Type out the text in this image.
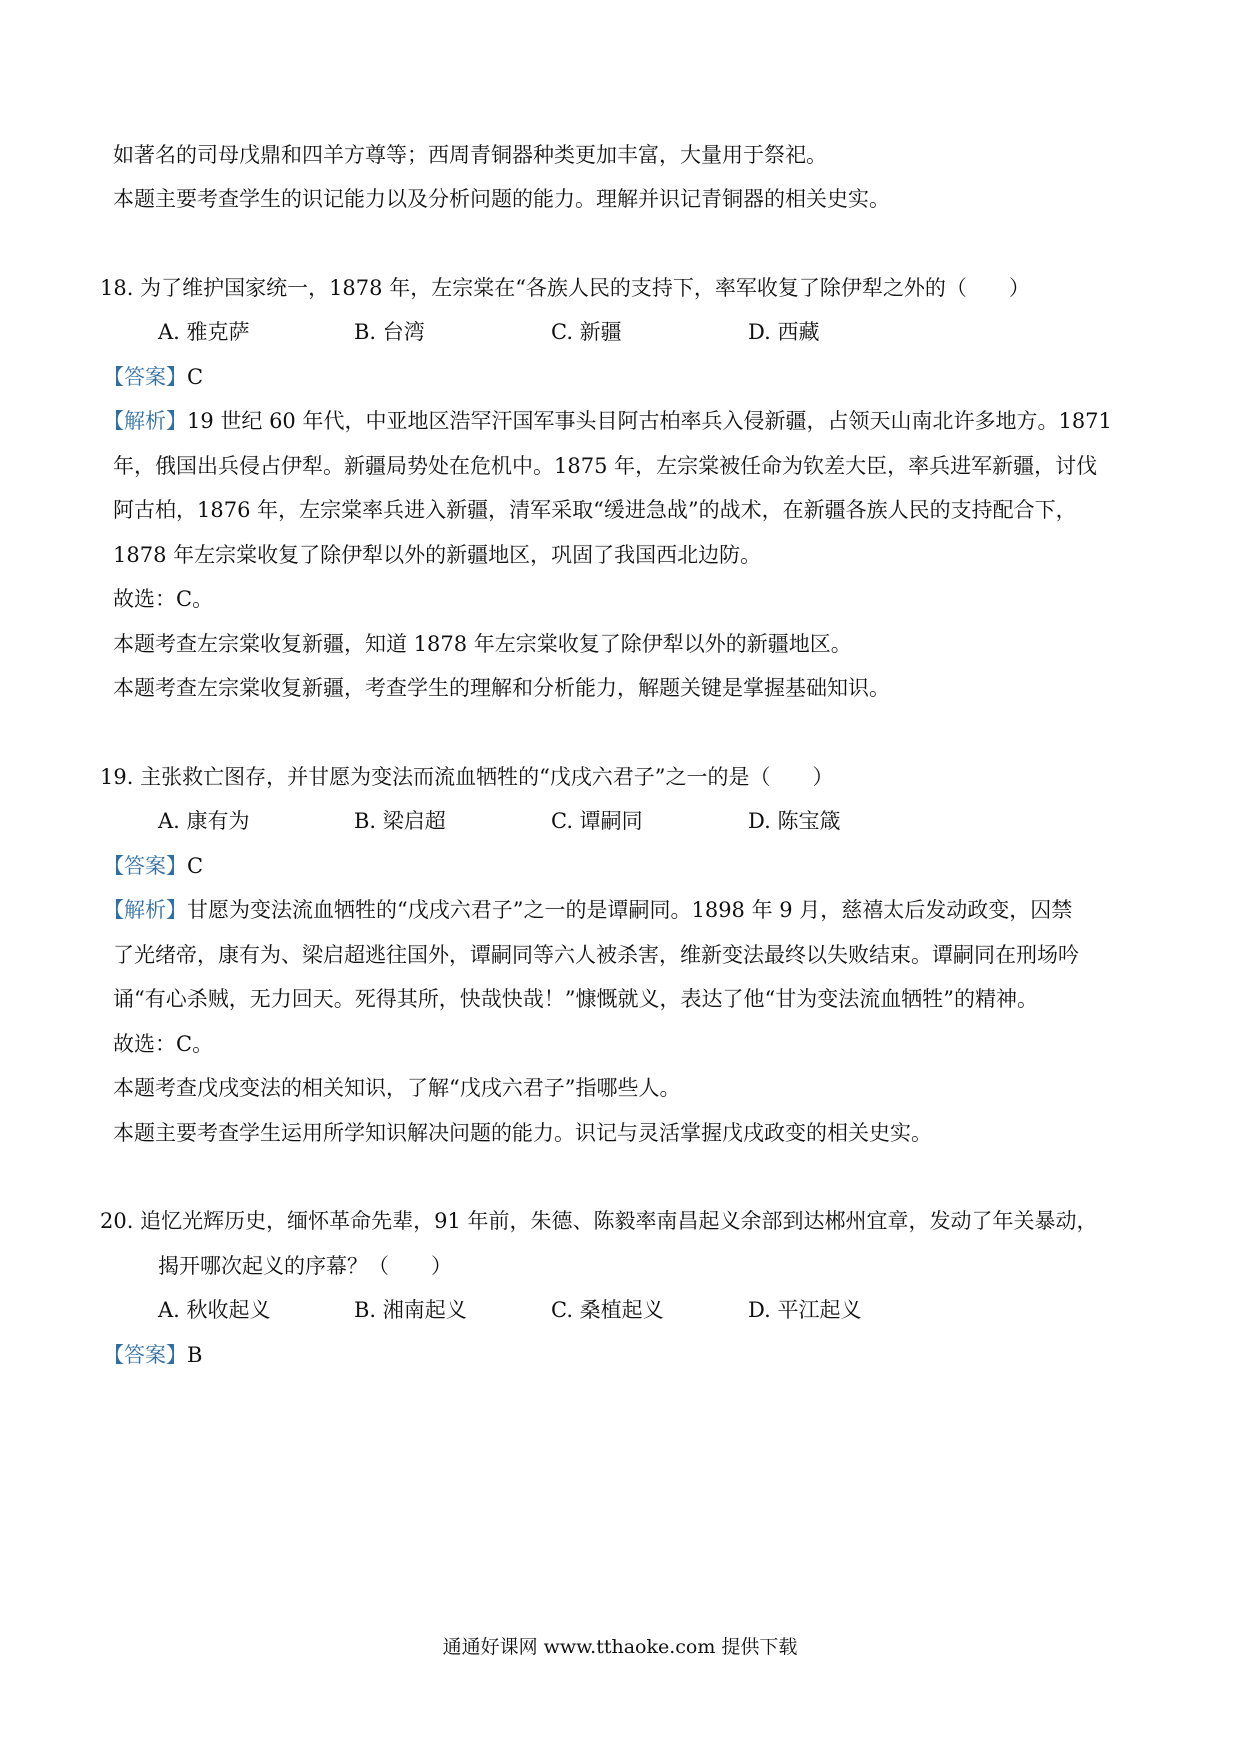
如著名的司母戊鼎和四羊方尊等；西周青铜器种类更加丰富，大量用于祭祀。
本题主要考查学生的识记能力以及分析问题的能力。理解并识记青铜器的相关史实。
18. 为了维护国家统一，1878 年，左宗棠在“各族人民的支持下，率军收复了除伊犁之外的（　　）
A. 雅克萨	B. 台湾	C. 新疆	D. 西藏
【答案】C
【解析】19 世纪 60 年代，中亚地区浩罕汗国军事头目阿古柏率兵入侵新疆，占领天山南北许多地方。1871
年，俄国出兵侵占伊犁。新疆局势处在危机中。1875 年，左宗棠被任命为钦差大臣，率兵进军新疆，讨伐
阿古柏，1876 年，左宗棠率兵进入新疆，清军采取“缓进急战”的战术，在新疆各族人民的支持配合下，
1878 年左宗棠收复了除伊犁以外的新疆地区，巩固了我国西北边防。
故选：C。
本题考查左宗棠收复新疆，知道 1878 年左宗棠收复了除伊犁以外的新疆地区。
本题考查左宗棠收复新疆，考查学生的理解和分析能力，解题关键是掌握基础知识。
19. 主张救亡图存，并甘愿为变法而流血牺牲的“戊戌六君子”之一的是（　　）
A. 康有为	B. 梁启超	C. 谭嗣同	D. 陈宝箴
【答案】C
【解析】甘愿为变法流血牺牲的“戊戌六君子”之一的是谭嗣同。1898 年 9 月，慈禧太后发动政变，囚禁
了光绪帝，康有为、梁启超逃往国外，谭嗣同等六人被杀害，维新变法最终以失败结束。谭嗣同在刑场吟
诵“有心杀贼，无力回天。死得其所，快哉快哉！”慷慨就义，表达了他“甘为变法流血牺牲”的精神。
故选：C。
本题考查戊戌变法的相关知识，了解“戊戌六君子”指哪些人。
本题主要考查学生运用所学知识解决问题的能力。识记与灵活掌握戊戌政变的相关史实。
20. 追忆光辉历史，缅怀革命先辈，91 年前，朱德、陈毅率南昌起义余部到达郴州宜章，发动了年关暴动，
揭开哪次起义的序幕？（　　）
A. 秋收起义	B. 湘南起义	C. 桑植起义	D. 平江起义
【答案】B
通通好课网 www.tthaoke.com 提供下载
